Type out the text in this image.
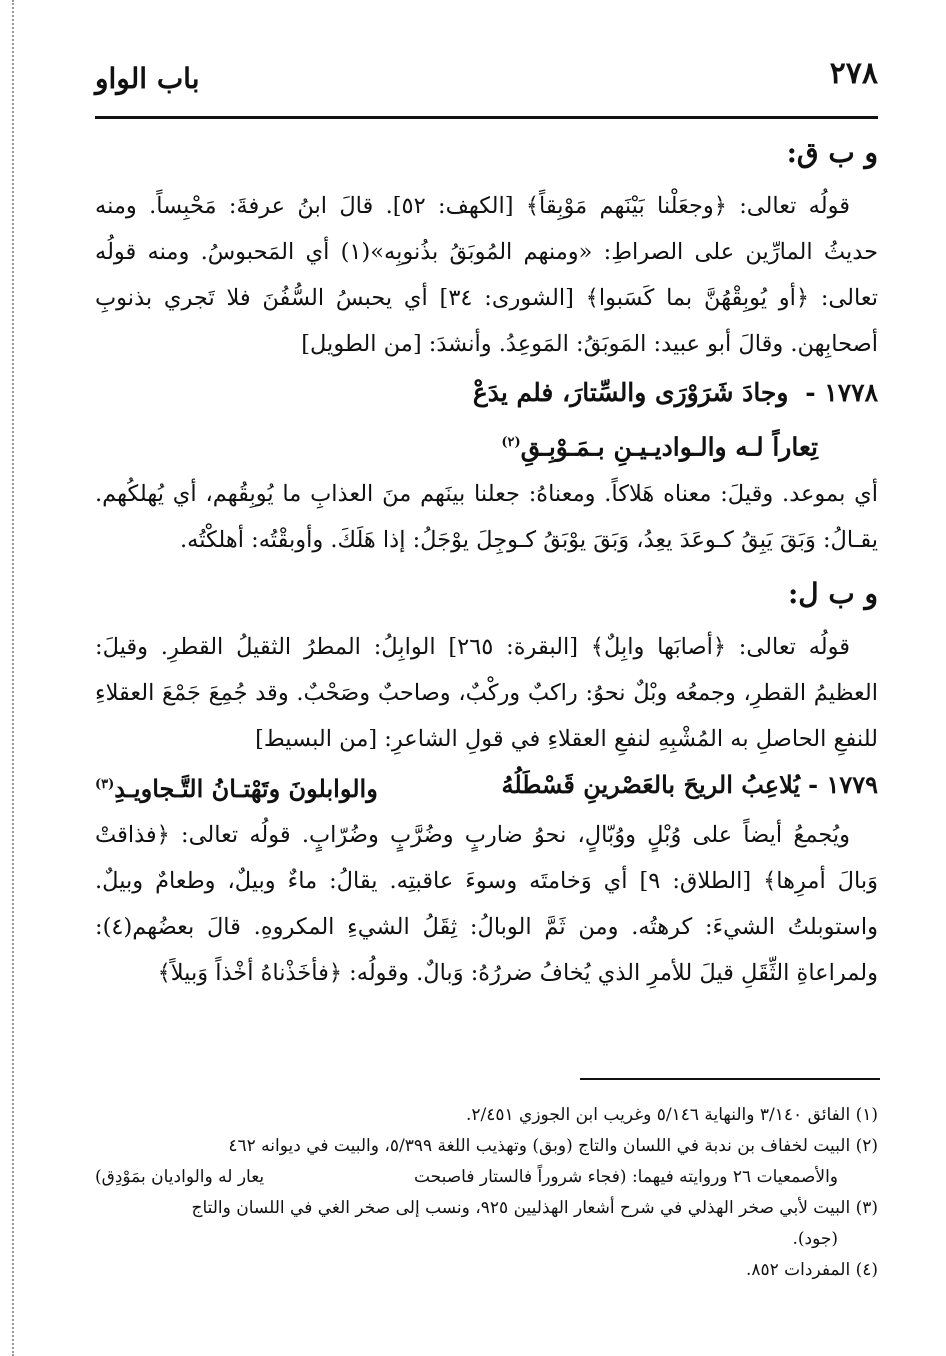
٢٧٨
باب الواو
و ب ق:

قولُه تعالى: ﴿وجعَلْنا بَيْنَهم مَوْبِقاً﴾ [الكهف: ٥٢]. قالَ ابنُ عرفةَ: مَحْبِساً. ومنه حديثُ المارِّين على الصراطِ: «ومنهم المُوبَقُ بذُنوبِه»(١) أي المَحبوسُ. ومنه قولُه تعالى: ﴿أو يُوبِقْهُنَّ بما كَسَبوا﴾ [الشورى: ٣٤] أي يحبسُ السُّفُنَ فلا تَجري بذنوبِ أصحابِهن. وقالَ أبو عبيد: المَوبَقُ: المَوعِدُ. وأنشدَ: [من الطويل]

١٧٧٨ - وجادَ شَرَوْرَى والسِّتارَ، فلم يدَعْ
تِعاراً لـه والـواديـيـنِ بـمَـوْبِـقِ$^{(٢)}$

أي بموعد. وقيلَ: معناه هَلاكاً. ومعناهُ: جعلنا بينَهم منَ العذابِ ما يُوبِقُهم، أي يُهلكُهم. يقـالُ: وَبَقَ يَبِقُ كـوعَدَ يعِدُ، وَبَقَ يوْبَقُ كـوجِلَ يوْجَلُ: إذا هَلَكَ. وأوبقْتُه: أهلكْتُه.

و ب ل:

قولُه تعالى: ﴿أصابَها وابِلٌ﴾ [البقرة: ٢٦٥] الوابِلُ: المطرُ الثقيلُ القطرِ. وقيلَ: العظيمُ القطرِ، وجمعُه وبْلٌ نحوُ: راكبٌ وركْبٌ، وصاحبٌ وصَحْبٌ. وقد جُمِعَ جَمْعَ العقلاءِ للنفعِ الحاصلِ به المُشْبِهِ لنفعِ العقلاءِ في قولِ الشاعرِ: [من البسيط]

١٧٧٩ -يُلاعِبُ الريحَ بالعَصْرينِ قَسْطَلُهُ
والوابلونَ وتَهْتـانُ التَّـجاويـدِ$^{(٣)}$

ويُجمعُ أيضاً على وُبْلٍ ووُبّالٍ، نحوُ ضاربٍ وضُرَّبٍ وضُرّابٍ. قولُه تعالى: ﴿فذاقتْ وَبالَ أمرِها﴾ [الطلاق: ٩] أي وَخامتَه وسوءَ عاقبتِه. يقالُ: ماءٌ وبيلٌ، وطعامٌ وبيلٌ. واستوبلتُ الشيءَ: كرهتُه. ومن ثَمَّ الوبالُ: ثِقَلُ الشيءِ المكروهِ. قالَ بعضُهم(٤): ولمراعاةِ الثِّقَلِ قيلَ للأمرِ الذي يُخافُ ضررُهُ: وَبالٌ. وقولُه: ﴿فأخَذْناهُ أخْذاً وَبيلاً﴾

(١) الفائق ٣/١٤٠ والنهاية ٥/١٤٦ وغريب ابن الجوزي ٢/٤٥١.

(٢) البيت لخفاف بن ندبة في اللسان والتاج (وبق) وتهذيب اللغة ٥/٣٩٩، والبيت في ديوانه ٤٦٢

والأصمعيات ٢٦ وروايته فيهما: (فجاء شروراً فالستار فاصبحت
يعار له والواديان بمَوْدِق)

(٣) البيت لأبي صخر الهذلي في شرح أشعار الهذليين ٩٢٥، ونسب إلى صخر الغي في اللسان والتاج

(جود).

(٤) المفردات ٨٥٢.
